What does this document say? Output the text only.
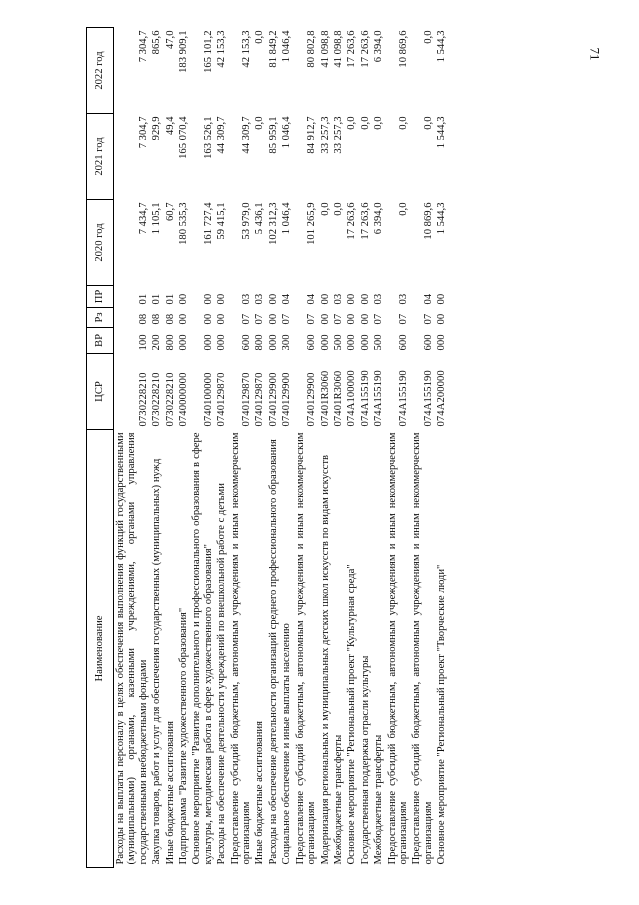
71
Наименование	ЦСР	ВР	Рз	ПР	2020 год	2021 год	2022 год
Расходы на выплаты персоналу в целях обеспечения выполнения функций государственными (муниципальными) органами, казенными учреждениями, органами управления государственными внебюджетными фондами	0730228210	100	08	01	7 434,7	7 304,7	7 304,7
Закупка товаров, работ и услуг для обеспечения государственных (муниципальных) нужд	0730228210	200	08	01	1 105,1	929,9	865,6
Иные бюджетные ассигнования	0730228210	800	08	01	60,7	49,4	47,0
Подпрограмма "Развитие художественного образования"	0740000000	000	00	00	180 535,3	165 070,4	183 909,1
Основное мероприятие "Развитие дополнительного и профессионального образования в сфере культуры, методическая работа в сфере художественного образования"	0740100000	000	00	00	161 727,4	163 526,1	165 101,2
Расходы на обеспечение деятельности учреждений по внешкольной работе с детьми	0740129870	000	00	00	59 415,1	44 309,7	42 153,3
Предоставление субсидий бюджетным, автономным учреждениям и иным некоммерческим организациям	0740129870	600	07	03	53 979,0	44 309,7	42 153,3
Иные бюджетные ассигнования	0740129870	800	07	03	5 436,1	0,0	0,0
Расходы на обеспечение деятельности организаций среднего профессионального образования	0740129900	000	00	00	102 312,3	85 959,1	81 849,2
Социальное обеспечение и иные выплаты населению	0740129900	300	07	04	1 046,4	1 046,4	1 046,4
Предоставление субсидий бюджетным, автономным учреждениям и иным некоммерческим организациям	0740129900	600	07	04	101 265,9	84 912,7	80 802,8
Модернизация региональных и муниципальных детских школ искусств по видам искусств	07401R3060	000	00	00	0,0	33 257,3	41 098,8
Межбюджетные трансферты	07401R3060	500	07	03	0,0	33 257,3	41 098,8
Основное мероприятие "Региональный проект "Культурная среда"	074A100000	000	00	00	17 263,6	0,0	17 263,6
Государственная поддержка отрасли культуры	074A155190	000	00	00	17 263,6	0,0	17 263,6
Межбюджетные трансферты	074A155190	500	07	03	6 394,0	0,0	6 394,0
Предоставление субсидий бюджетным, автономным учреждениям и иным некоммерческим организациям	074A155190	600	07	03	0,0	0,0	10 869,6
Предоставление субсидий бюджетным, автономным учреждениям и иным некоммерческим организациям	074A155190	600	07	04	10 869,6	0,0	0,0
Основное мероприятие "Региональный проект "Творческие люди"	074A200000	000	00	00	1 544,3	1 544,3	1 544,3
